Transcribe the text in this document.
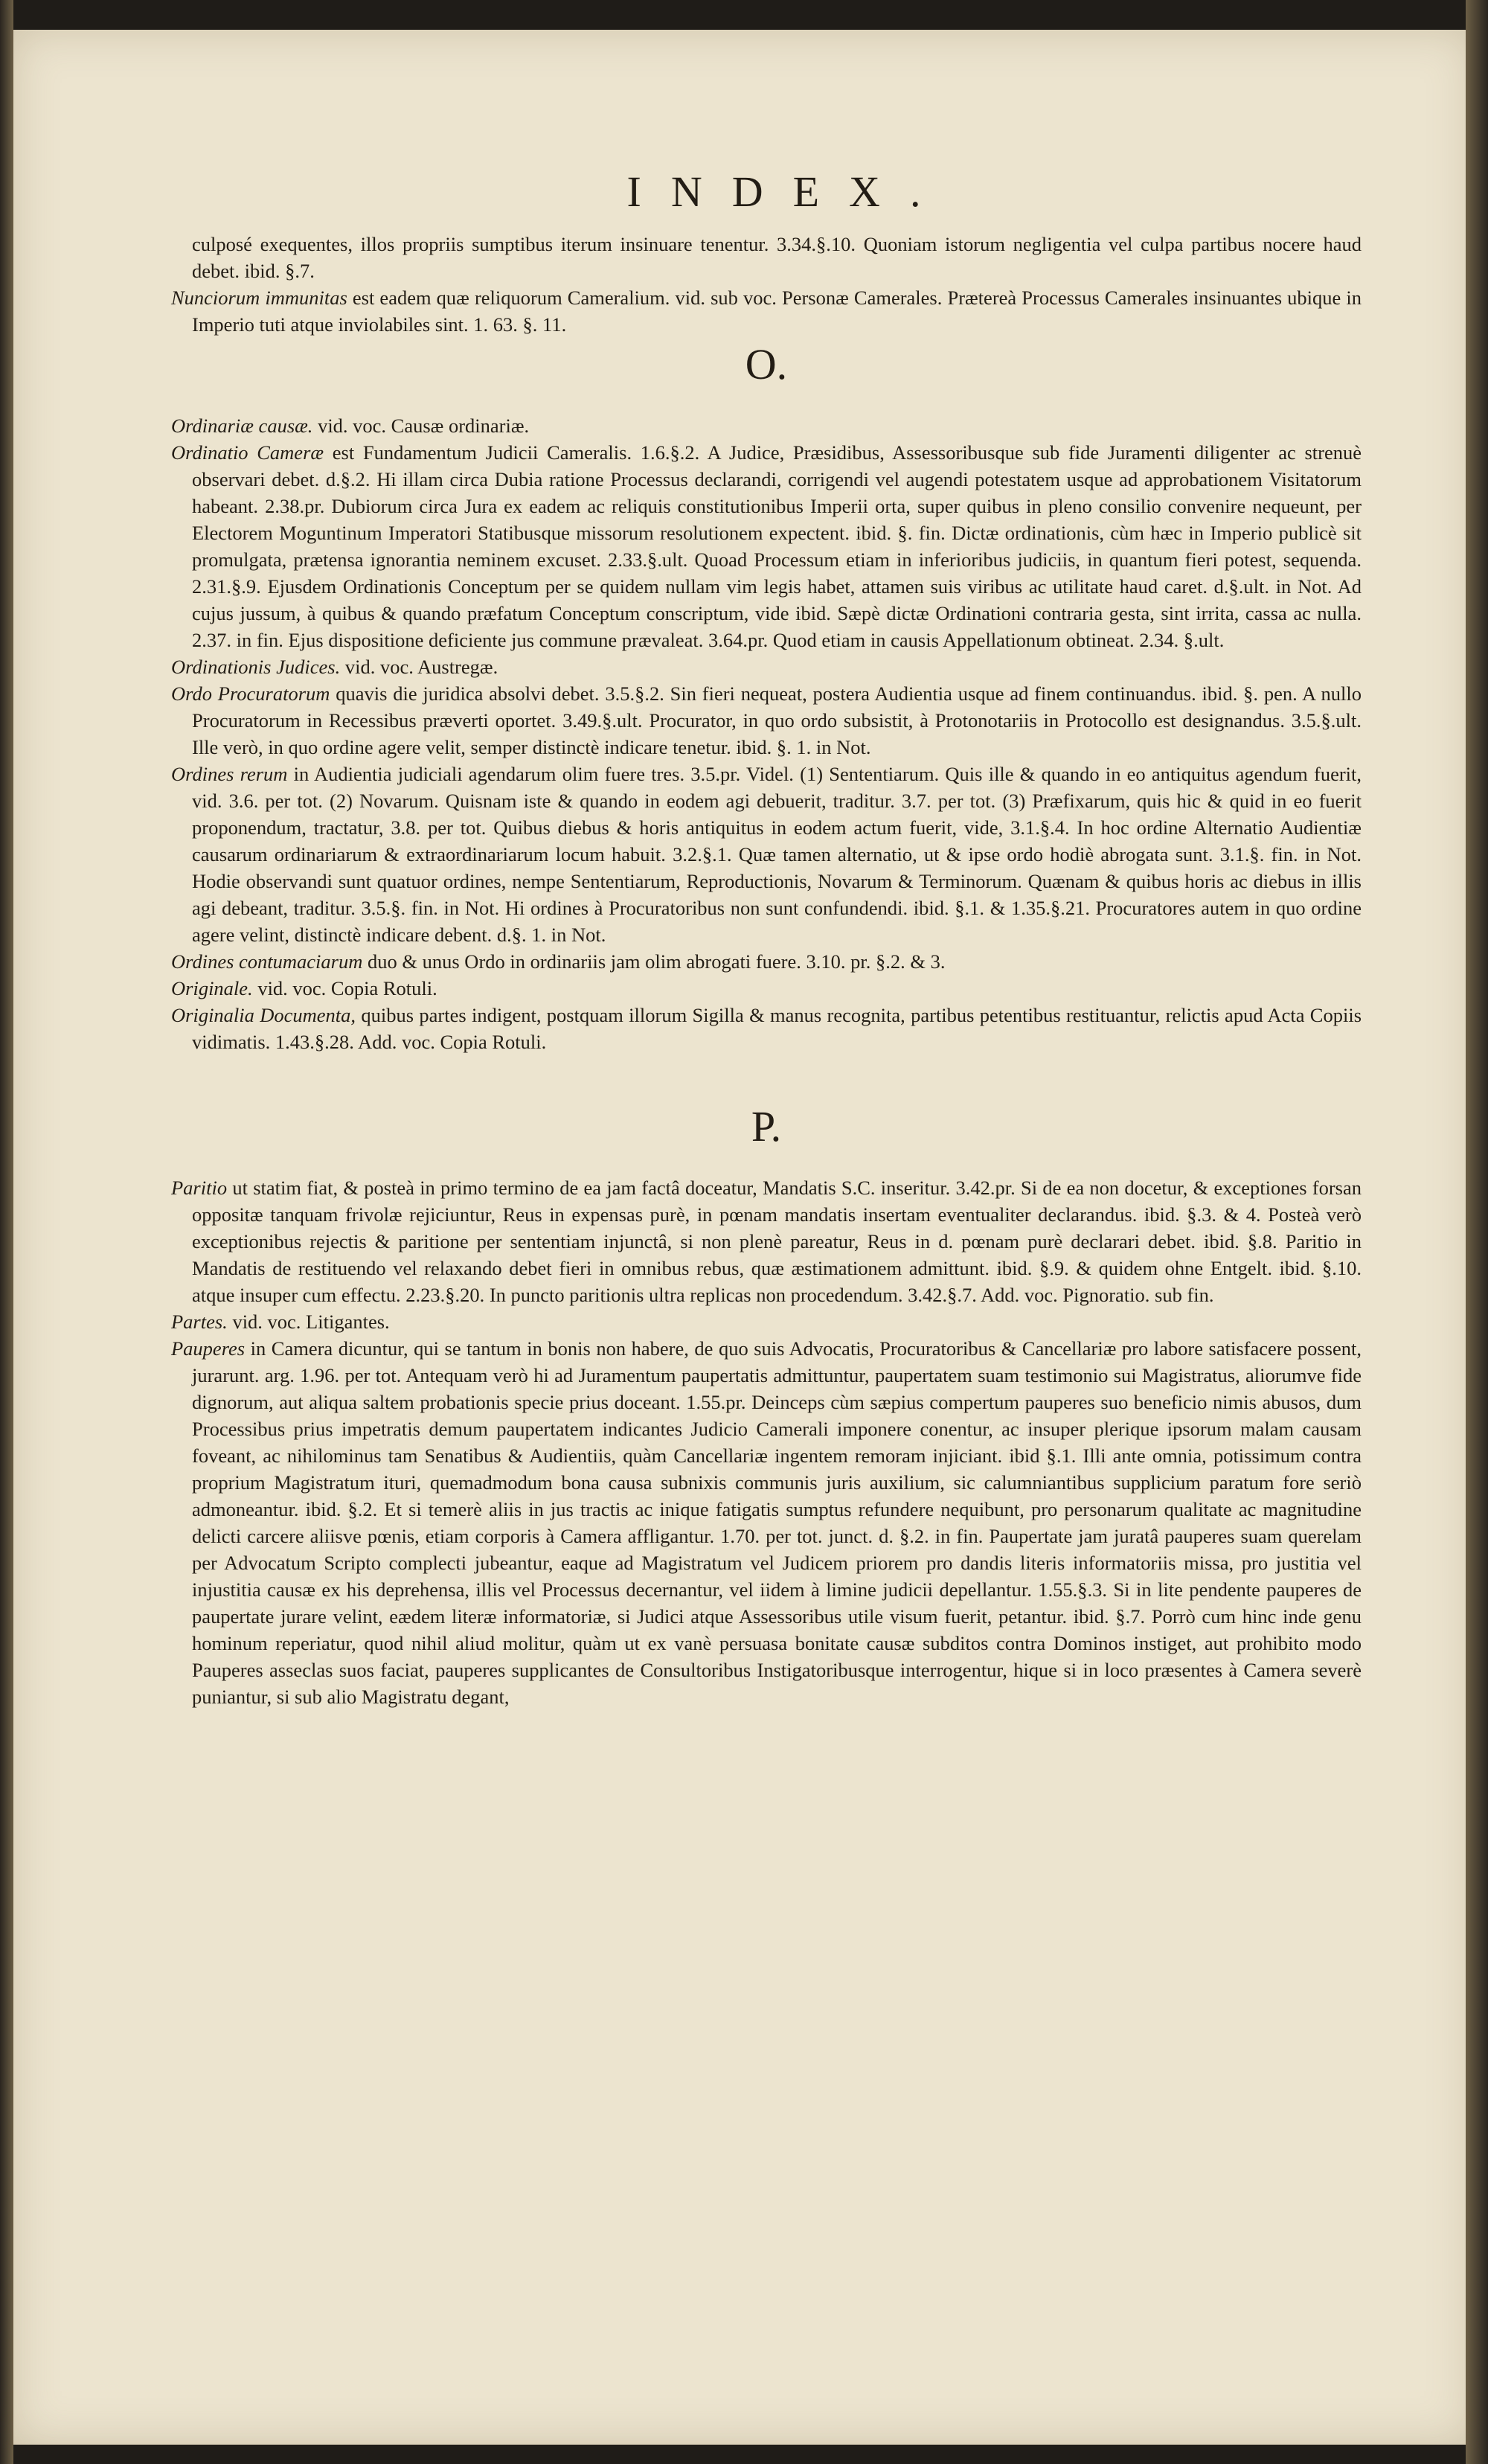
INDEX.

culposé exequentes, illos propriis sumptibus iterum insinuare tenentur. 3.34.§.10. Quoniam istorum negligentia vel culpa partibus nocere haud debet. ibid. §.7.

Nunciorum immunitas est eadem quæ reliquorum Cameralium. vid. sub voc. Personæ Camerales. Prætereà Processus Camerales insinuantes ubique in Imperio tuti atque inviolabiles sint. 1. 63. §. 11.

O.

Ordinariæ causæ. vid. voc. Causæ ordinariæ.

Ordinatio Cameræ est Fundamentum Judicii Cameralis. 1.6.§.2. A Judice, Præsidibus, Assessoribusque sub fide Juramenti diligenter ac strenuè observari debet. d.§.2. Hi illam circa Dubia ratione Processus declarandi, corrigendi vel augendi potestatem usque ad approbationem Visitatorum habeant. 2.38.pr. Dubiorum circa Jura ex eadem ac reliquis constitutionibus Imperii orta, super quibus in pleno consilio convenire nequeunt, per Electorem Moguntinum Imperatori Statibusque missorum resolutionem expectent. ibid. §. fin. Dictæ ordinationis, cùm hæc in Imperio publicè sit promulgata, prætensa ignorantia neminem excuset. 2.33.§.ult. Quoad Processum etiam in inferioribus judiciis, in quantum fieri potest, sequenda. 2.31.§.9. Ejusdem Ordinationis Conceptum per se quidem nullam vim legis habet, attamen suis viribus ac utilitate haud caret. d.§.ult. in Not. Ad cujus jussum, à quibus & quando præfatum Conceptum conscriptum, vide ibid. Sæpè dictæ Ordinationi contraria gesta, sint irrita, cassa ac nulla. 2.37. in fin. Ejus dispositione deficiente jus commune prævaleat. 3.64.pr. Quod etiam in causis Appellationum obtineat. 2.34. §.ult.

Ordinationis Judices. vid. voc. Austregæ.

Ordo Procuratorum quavis die juridica absolvi debet. 3.5.§.2. Sin fieri nequeat, postera Audientia usque ad finem continuandus. ibid. §. pen. A nullo Procuratorum in Recessibus præverti oportet. 3.49.§.ult. Procurator, in quo ordo subsistit, à Protonotariis in Protocollo est designandus. 3.5.§.ult. Ille verò, in quo ordine agere velit, semper distinctè indicare tenetur. ibid. §. 1. in Not.

Ordines rerum in Audientia judiciali agendarum olim fuere tres. 3.5.pr. Videl. (1) Sententiarum. Quis ille & quando in eo antiquitus agendum fuerit, vid. 3.6. per tot. (2) Novarum. Quisnam iste & quando in eodem agi debuerit, traditur. 3.7. per tot. (3) Præfixarum, quis hic & quid in eo fuerit proponendum, tractatur, 3.8. per tot. Quibus diebus & horis antiquitus in eodem actum fuerit, vide, 3.1.§.4. In hoc ordine Alternatio Audientiæ causarum ordinariarum & extraordinariarum locum habuit. 3.2.§.1. Quæ tamen alternatio, ut & ipse ordo hodiè abrogata sunt. 3.1.§. fin. in Not. Hodie observandi sunt quatuor ordines, nempe Sententiarum, Reproductionis, Novarum & Terminorum. Quænam & quibus horis ac diebus in illis agi debeant, traditur. 3.5.§. fin. in Not. Hi ordines à Procuratoribus non sunt confundendi. ibid. §.1. & 1.35.§.21. Procuratores autem in quo ordine agere velint, distinctè indicare debent. d.§. 1. in Not.

Ordines contumaciarum duo & unus Ordo in ordinariis jam olim abrogati fuere. 3.10. pr. §.2. & 3.

Originale. vid. voc. Copia Rotuli.

Originalia Documenta, quibus partes indigent, postquam illorum Sigilla & manus recognita, partibus petentibus restituantur, relictis apud Acta Copiis vidimatis. 1.43.§.28. Add. voc. Copia Rotuli.

P.

Paritio ut statim fiat, & posteà in primo termino de ea jam factâ doceatur, Mandatis S.C. inseritur. 3.42.pr. Si de ea non docetur, & exceptiones forsan oppositæ tanquam frivolæ rejiciuntur, Reus in expensas purè, in pœnam mandatis insertam eventualiter declarandus. ibid. §.3. & 4. Posteà verò exceptionibus rejectis & paritione per sententiam injunctâ, si non plenè pareatur, Reus in d. pœnam purè declarari debet. ibid. §.8. Paritio in Mandatis de restituendo vel relaxando debet fieri in omnibus rebus, quæ æstimationem admittunt. ibid. §.9. & quidem ohne Entgelt. ibid. §.10. atque insuper cum effectu. 2.23.§.20. In puncto paritionis ultra replicas non procedendum. 3.42.§.7. Add. voc. Pignoratio. sub fin.

Partes. vid. voc. Litigantes.

Pauperes in Camera dicuntur, qui se tantum in bonis non habere, de quo suis Advocatis, Procuratoribus & Cancellariæ pro labore satisfacere possent, jurarunt. arg. 1.96. per tot. Antequam verò hi ad Juramentum paupertatis admittuntur, paupertatem suam testimonio sui Magistratus, aliorumve fide dignorum, aut aliqua saltem probationis specie prius doceant. 1.55.pr. Deinceps cùm sæpius compertum pauperes suo beneficio nimis abusos, dum Processibus prius impetratis demum paupertatem indicantes Judicio Camerali imponere conentur, ac insuper plerique ipsorum malam causam foveant, ac nihilominus tam Senatibus & Audientiis, quàm Cancellariæ ingentem remoram injiciant. ibid §.1. Illi ante omnia, potissimum contra proprium Magistratum ituri, quemadmodum bona causa subnixis communis juris auxilium, sic calumniantibus supplicium paratum fore seriò admoneantur. ibid. §.2. Et si temerè aliis in jus tractis ac inique fatigatis sumptus refundere nequibunt, pro personarum qualitate ac magnitudine delicti carcere aliisve pœnis, etiam corporis à Camera affligantur. 1.70. per tot. junct. d. §.2. in fin. Paupertate jam juratâ pauperes suam querelam per Advocatum Scripto complecti jubeantur, eaque ad Magistratum vel Judicem priorem pro dandis literis informatoriis missa, pro justitia vel injustitia causæ ex his deprehensa, illis vel Processus decernantur, vel iidem à limine judicii depellantur. 1.55.§.3. Si in lite pendente pauperes de paupertate jurare velint, eædem literæ informatoriæ, si Judici atque Assessoribus utile visum fuerit, petantur. ibid. §.7. Porrò cum hinc inde genu hominum reperiatur, quod nihil aliud molitur, quàm ut ex vanè persuasa bonitate causæ subditos contra Dominos instiget, aut prohibito modo Pauperes asseclas suos faciat, pauperes supplicantes de Consultoribus Instigatoribusque interrogentur, hique si in loco præsentes à Camera severè puniantur, si sub alio Magistratu degant,
